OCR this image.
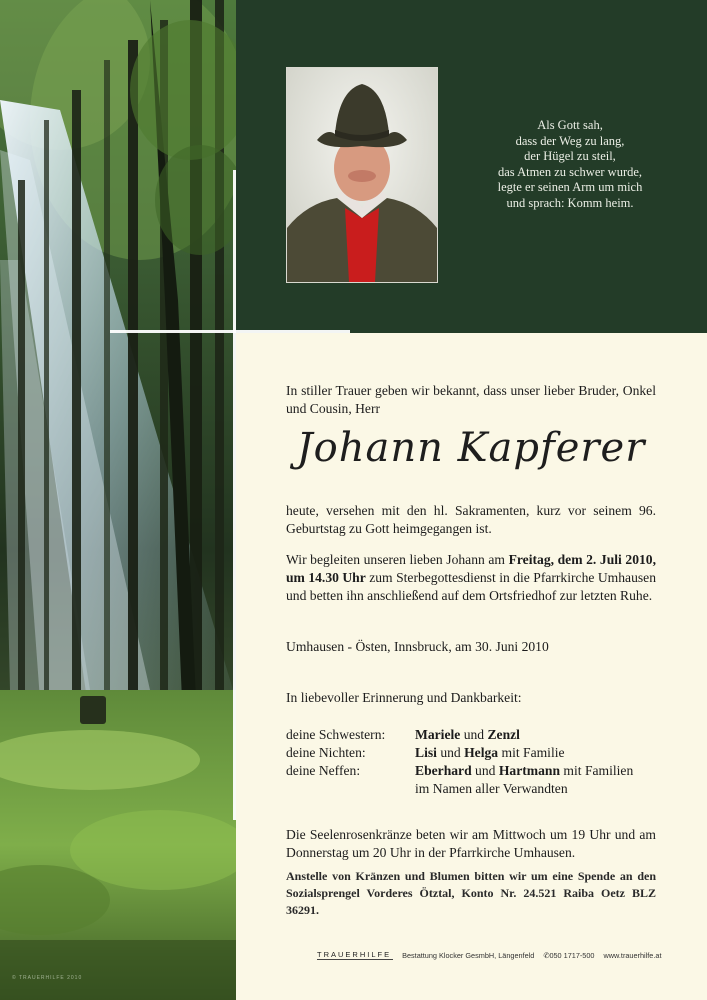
Als Gott sah,
dass der Weg zu lang,
der Hügel zu steil,
das Atmen zu schwer wurde,
legte er seinen Arm um mich
und sprach: Komm heim.
In stiller Trauer geben wir bekannt, dass unser lieber Bruder, Onkel und Cousin, Herr
Johann Kapferer
heute, versehen mit den hl. Sakramenten, kurz vor seinem 96. Geburtstag zu Gott heimgegangen ist.
Wir begleiten unseren lieben Johann am Freitag, dem 2. Juli 2010, um 14.30 Uhr zum Sterbegottesdienst in die Pfarrkirche Umhausen und betten ihn anschließend auf dem Ortsfriedhof zur letzten Ruhe.
Umhausen - Östen, Innsbruck, am 30. Juni 2010
In liebevoller Erinnerung und Dankbarkeit:
deine Schwestern: Mariele und Zenzl
deine Nichten:	Lisi und Helga mit Familie
deine Neffen:	Eberhard und Hartmann mit Familien
im Namen aller Verwandten
Die Seelenrosenkränze beten wir am Mittwoch um 19 Uhr und am Donnerstag um 20 Uhr in der Pfarrkirche Umhausen.
Anstelle von Kränzen und Blumen bitten wir um eine Spende an den Sozialsprengel Vorderes Ötztal, Konto Nr. 24.521 Raiba Oetz BLZ 36291.
TRAUERHILFE Bestattung Klocker GesmbH, Längenfeld ✆050 1717-500 www.trauerhilfe.at
© TRAUERHILFE 2010
